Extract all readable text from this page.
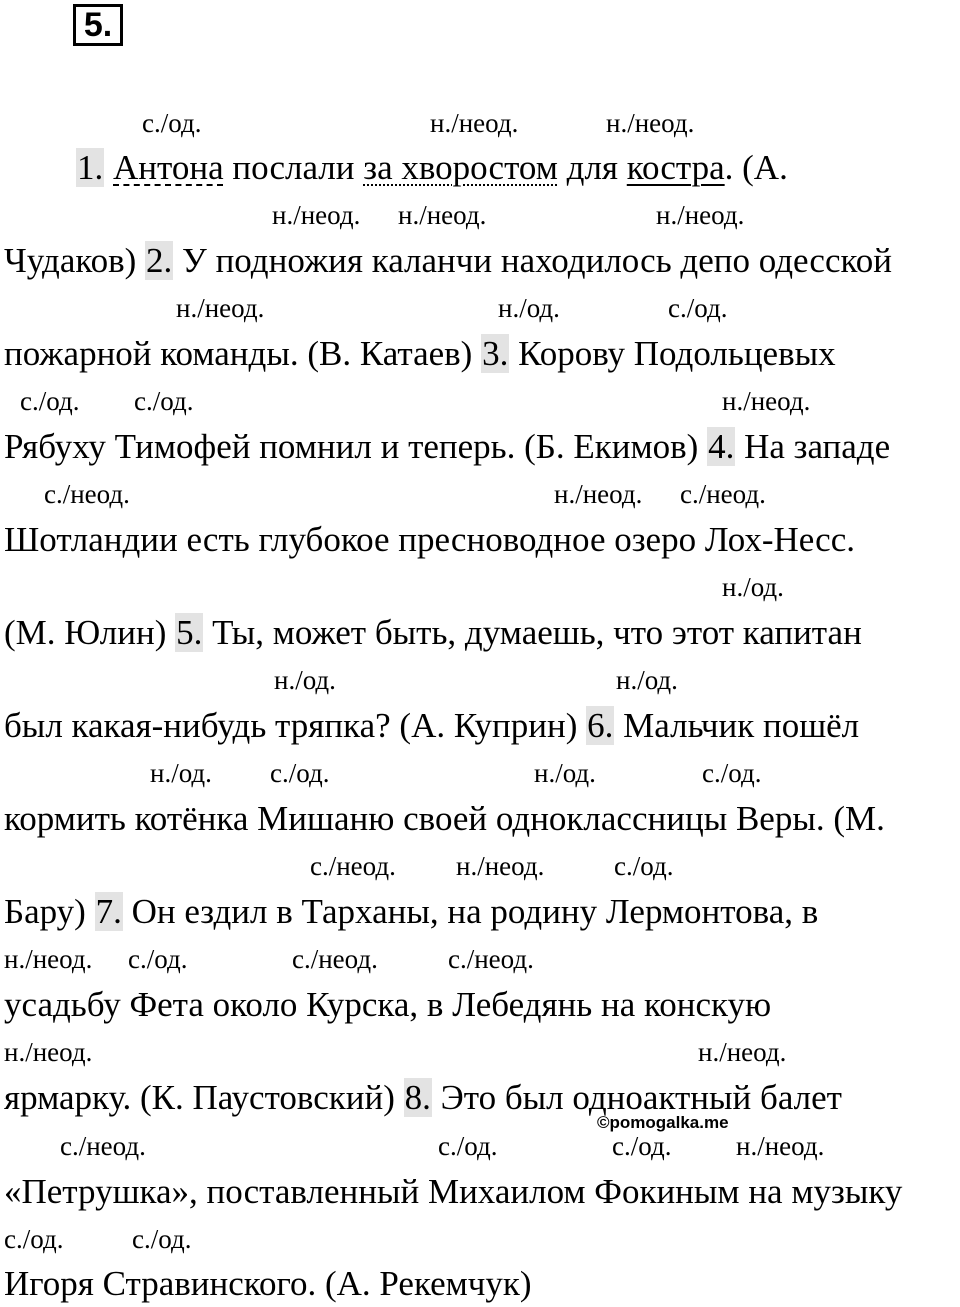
5.
с./од.	н./неод.	н./неод.
1. Антона послали за хворостом для костра. (А.
н./неод. н./неод.	н./неод.
Чудаков) 2. У подножия каланчи находилось депо одесской
н./неод.	н./од.	с./од.
пожарной команды. (В. Катаев) 3. Корову Подольцевых
с./од. с./од.	н./неод.
Рябуху Тимофей помнил и теперь. (Б. Екимов) 4. На западе
с./неод.	н./неод. с./неод.
Шотландии есть глубокое пресноводное озеро Лох-Несс.
н./од.
(М. Юлин) 5. Ты, может быть, думаешь, что этот капитан
н./од.	н./од.
был какая-нибудь тряпка? (А. Куприн) 6. Мальчик пошёл
н./од. с./од.	н./од.	с./од.
кормить котёнка Мишаню своей одноклассницы Веры. (М.
с./неод. н./неод.	с./од.
Бару) 7. Он ездил в Тарханы, на родину Лермонтова, в
н./неод. с./од.	с./неод.	с./неод.
усадьбу Фета около Курска, в Лебедянь на конскую
н./неод.	н./неод.
ярмарку. (К. Паустовский) 8. Это был одноактный балет
©pomogalka.me
с./неод.	с./од.	с./од. н./неод.
«Петрушка», поставленный Михаилом Фокиным на музыку
с./од.	с./од.
Игоря Стравинского. (А. Рекемчук)
